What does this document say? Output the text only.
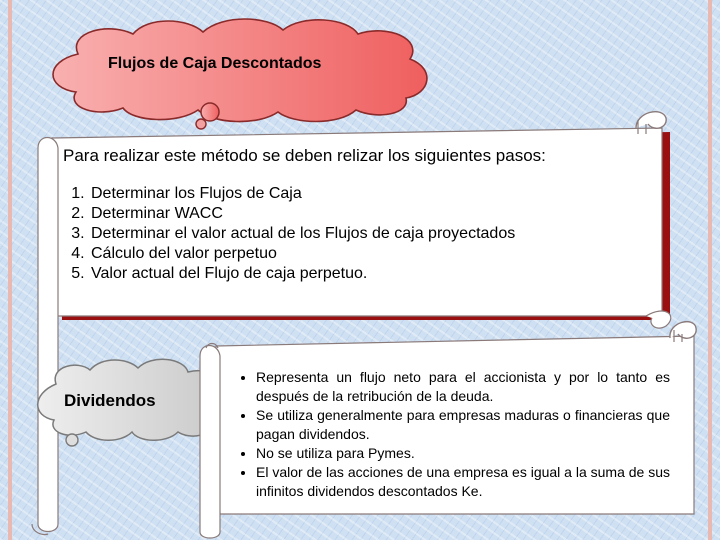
Flujos de Caja Descontados

Para realizar este método se deben relizar los siguientes pasos:

1. Determinar los Flujos de Caja
2. Determinar WACC
3. Determinar el valor actual de los Flujos de caja proyectados
4. Cálculo del valor perpetuo
5. Valor actual del Flujo de caja perpetuo.
Dividendos
• Representa un flujo neto para el accionista y por lo tanto es después de la retribución de la deuda.
• Se utiliza generalmente para empresas maduras o financieras que pagan dividendos.
• No se utiliza para Pymes.
• El valor de las acciones de una empresa es igual a la suma de sus infinitos dividendos descontados Ke.
